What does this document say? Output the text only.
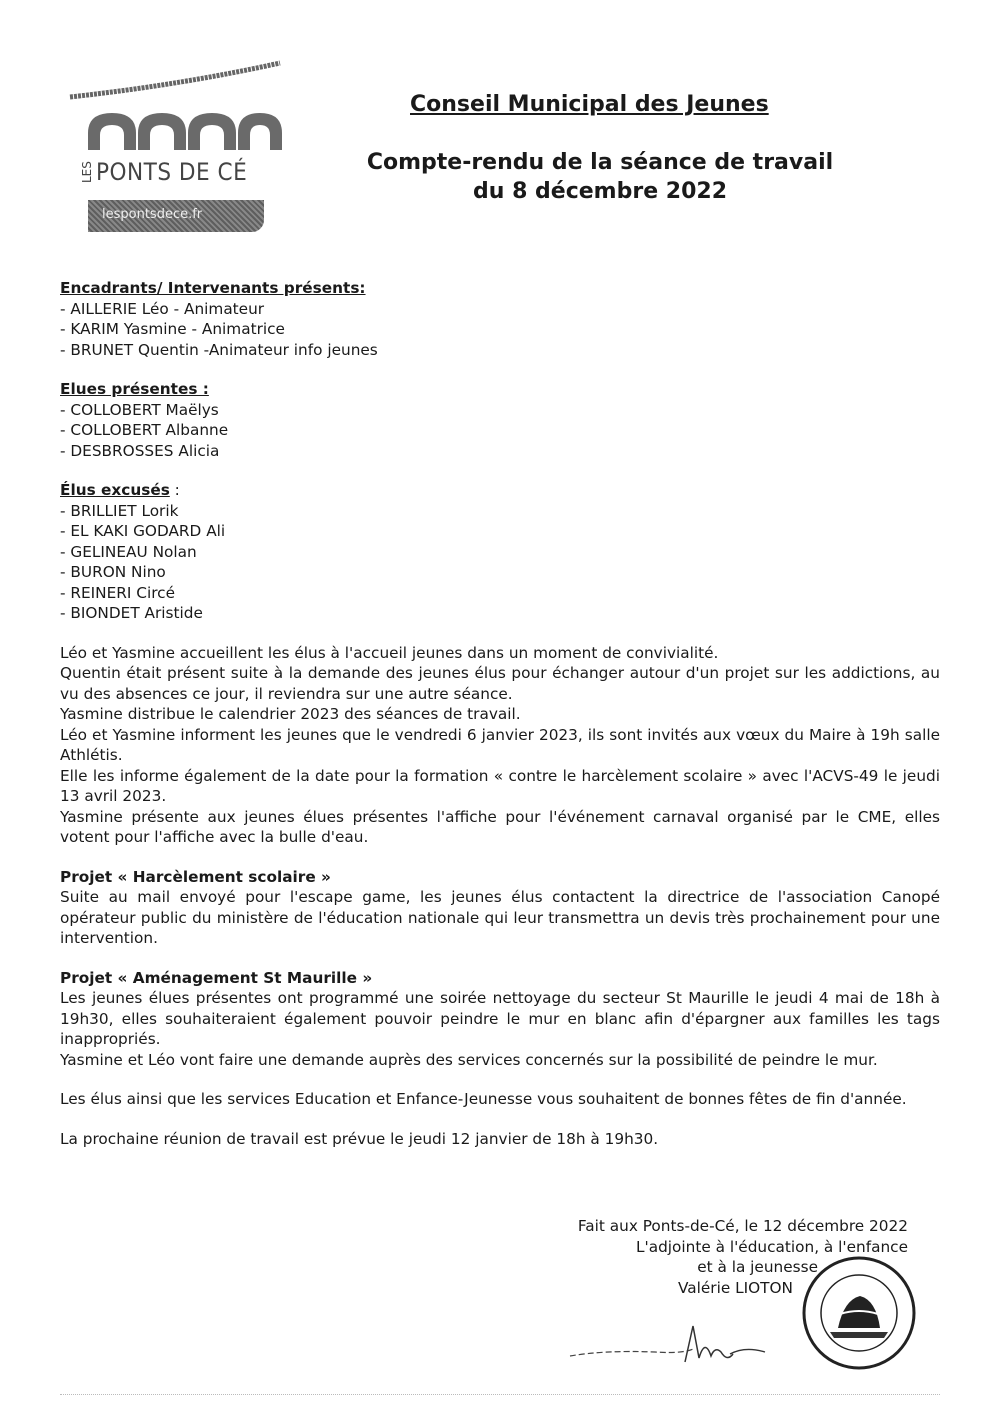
LES PONTS DE CÉ
lespontsdece.fr
Conseil Municipal des Jeunes
Compte-rendu de la séance de travail
du 8 décembre 2022
Encadrants/ Intervenants présents:
- AILLERIE Léo - Animateur
- KARIM Yasmine - Animatrice
- BRUNET Quentin -Animateur info jeunes
Elues présentes :
- COLLOBERT Maëlys
- COLLOBERT Albanne
- DESBROSSES Alicia
Élus excusés :
- BRILLIET Lorik
- EL KAKI GODARD Ali
- GELINEAU Nolan
- BURON Nino
- REINERI Circé
- BIONDET Aristide
Léo et Yasmine accueillent les élus à l'accueil jeunes dans un moment de convivialité.
Quentin était présent suite à la demande des jeunes élus pour échanger autour d'un projet sur les addictions, au vu des absences ce jour, il reviendra sur une autre séance.
Yasmine distribue le calendrier 2023 des séances de travail.
Léo et Yasmine informent les jeunes que le vendredi 6 janvier 2023, ils sont invités aux vœux du Maire à 19h salle Athlétis.
Elle les informe également de la date pour la formation « contre le harcèlement scolaire » avec l'ACVS-49 le jeudi 13 avril 2023.
Yasmine présente aux jeunes élues présentes l'affiche pour l'événement carnaval organisé par le CME, elles votent pour l'affiche avec la bulle d'eau.
Projet « Harcèlement scolaire »
Suite au mail envoyé pour l'escape game, les jeunes élus contactent la directrice de l'association Canopé opérateur public du ministère de l'éducation nationale qui leur transmettra un devis très prochainement pour une intervention.
Projet « Aménagement St Maurille »
Les jeunes élues présentes ont programmé une soirée nettoyage du secteur St Maurille le jeudi 4 mai de 18h à 19h30, elles souhaiteraient également pouvoir peindre le mur en blanc afin d'épargner aux familles les tags inappropriés.
Yasmine et Léo vont faire une demande auprès des services concernés sur la possibilité de peindre le mur.
Les élus ainsi que les services Education et Enfance-Jeunesse vous souhaitent de bonnes fêtes de fin d'année.
La prochaine réunion de travail est prévue le jeudi 12 janvier de 18h à 19h30.
Fait aux Ponts-de-Cé, le 12 décembre 2022
L'adjointe à l'éducation, à l'enfance
et à la jeunesse
Valérie LIOTON
